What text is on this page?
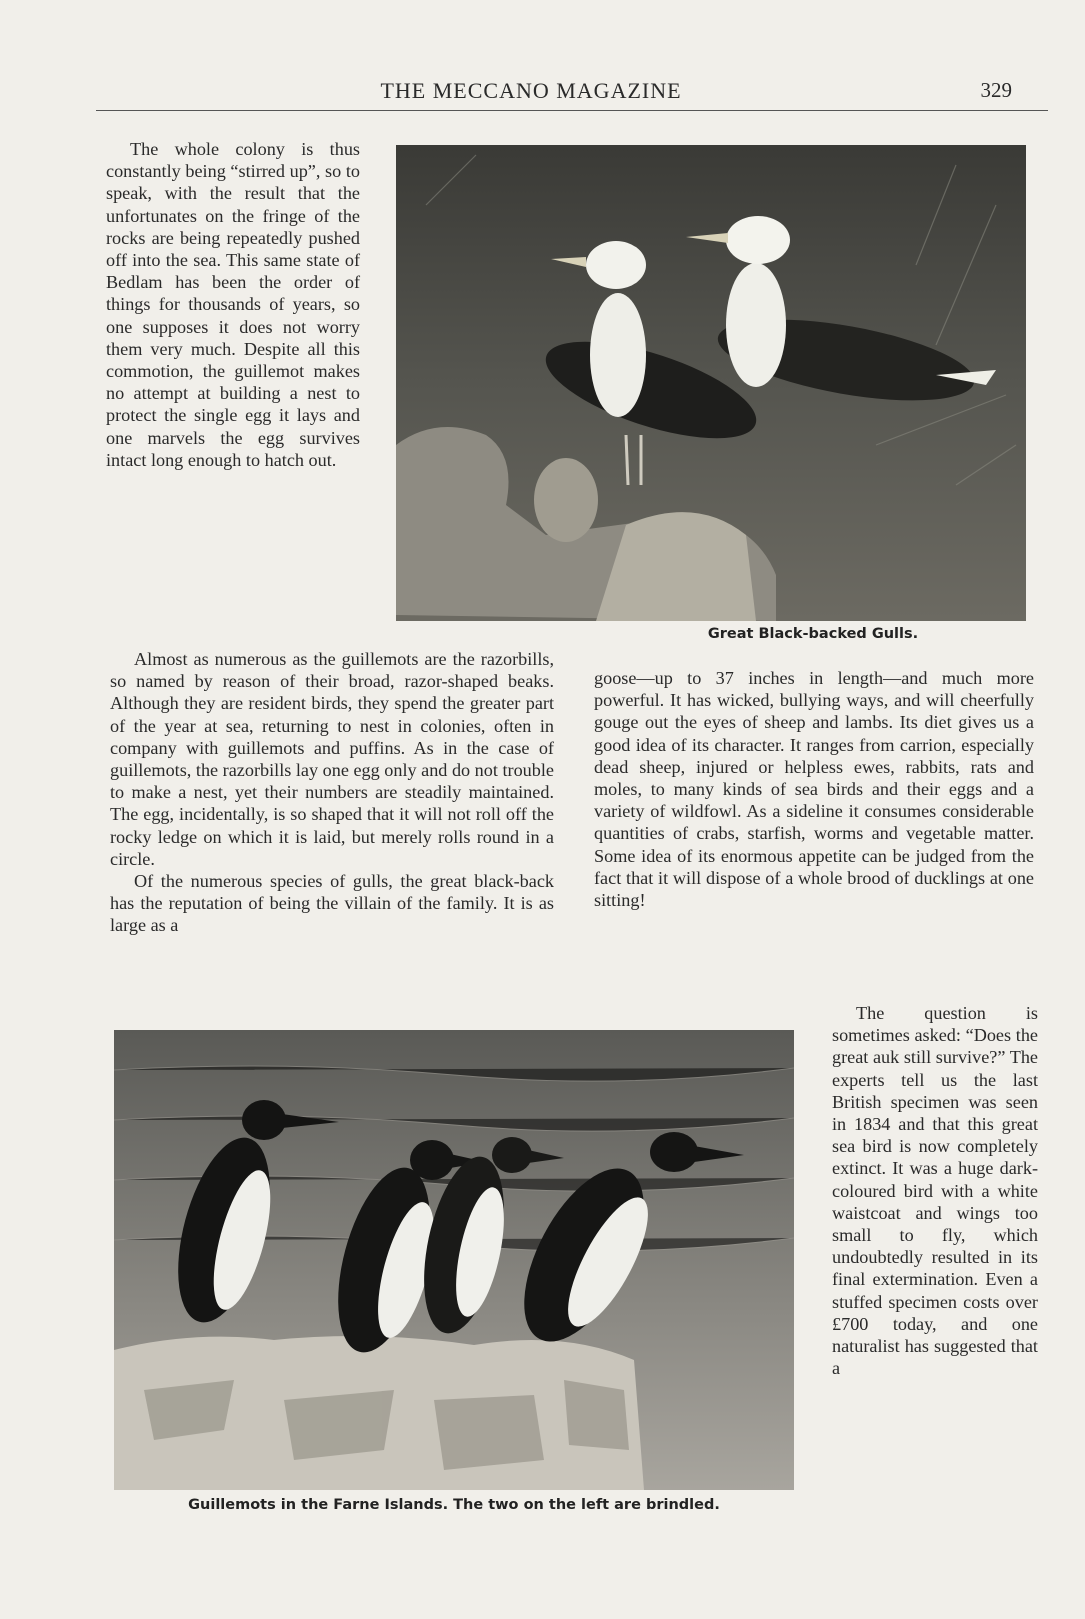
THE MECCANO MAGAZINE	329

The whole colony is thus constantly being “stirred up”, so to speak, with the result that the unfortunates on the fringe of the rocks are being repeatedly pushed off into the sea. This same state of Bedlam has been the order of things for thousands of years, so one supposes it does not worry them very much. Despite all this commotion, the guillemot makes no attempt at building a nest to protect the single egg it lays and one marvels the egg survives intact long enough to hatch out.

Great Black-backed Gulls.

Almost as numerous as the guillemots are the razorbills, so named by reason of their broad, razor-shaped beaks. Although they are resident birds, they spend the greater part of the year at sea, returning to nest in colonies, often in company with guillemots and puffins. As in the case of guillemots, the razorbills lay one egg only and do not trouble to make a nest, yet their numbers are steadily maintained. The egg, incidentally, is so shaped that it will not roll off the rocky ledge on which it is laid, but merely rolls round in a circle.

Of the numerous species of gulls, the great black-back has the reputation of being the villain of the family. It is as large as a

goose—up to 37 inches in length—and much more powerful. It has wicked, bullying ways, and will cheerfully gouge out the eyes of sheep and lambs. Its diet gives us a good idea of its character. It ranges from carrion, especially dead sheep, injured or helpless ewes, rabbits, rats and moles, to many kinds of sea birds and their eggs and a variety of wildfowl. As a sideline it consumes considerable quantities of crabs, starfish, worms and vegetable matter. Some idea of its enormous appetite can be judged from the fact that it will dispose of a whole brood of ducklings at one sitting!

Guillemots in the Farne Islands. The two on the left are brindled.

The question is sometimes asked: “Does the great auk still survive?” The experts tell us the last British specimen was seen in 1834 and that this great sea bird is now completely extinct. It was a huge dark-coloured bird with a white waistcoat and wings too small to fly, which undoubtedly resulted in its final extermination. Even a stuffed specimen costs over £700 today, and one naturalist has suggested that a
